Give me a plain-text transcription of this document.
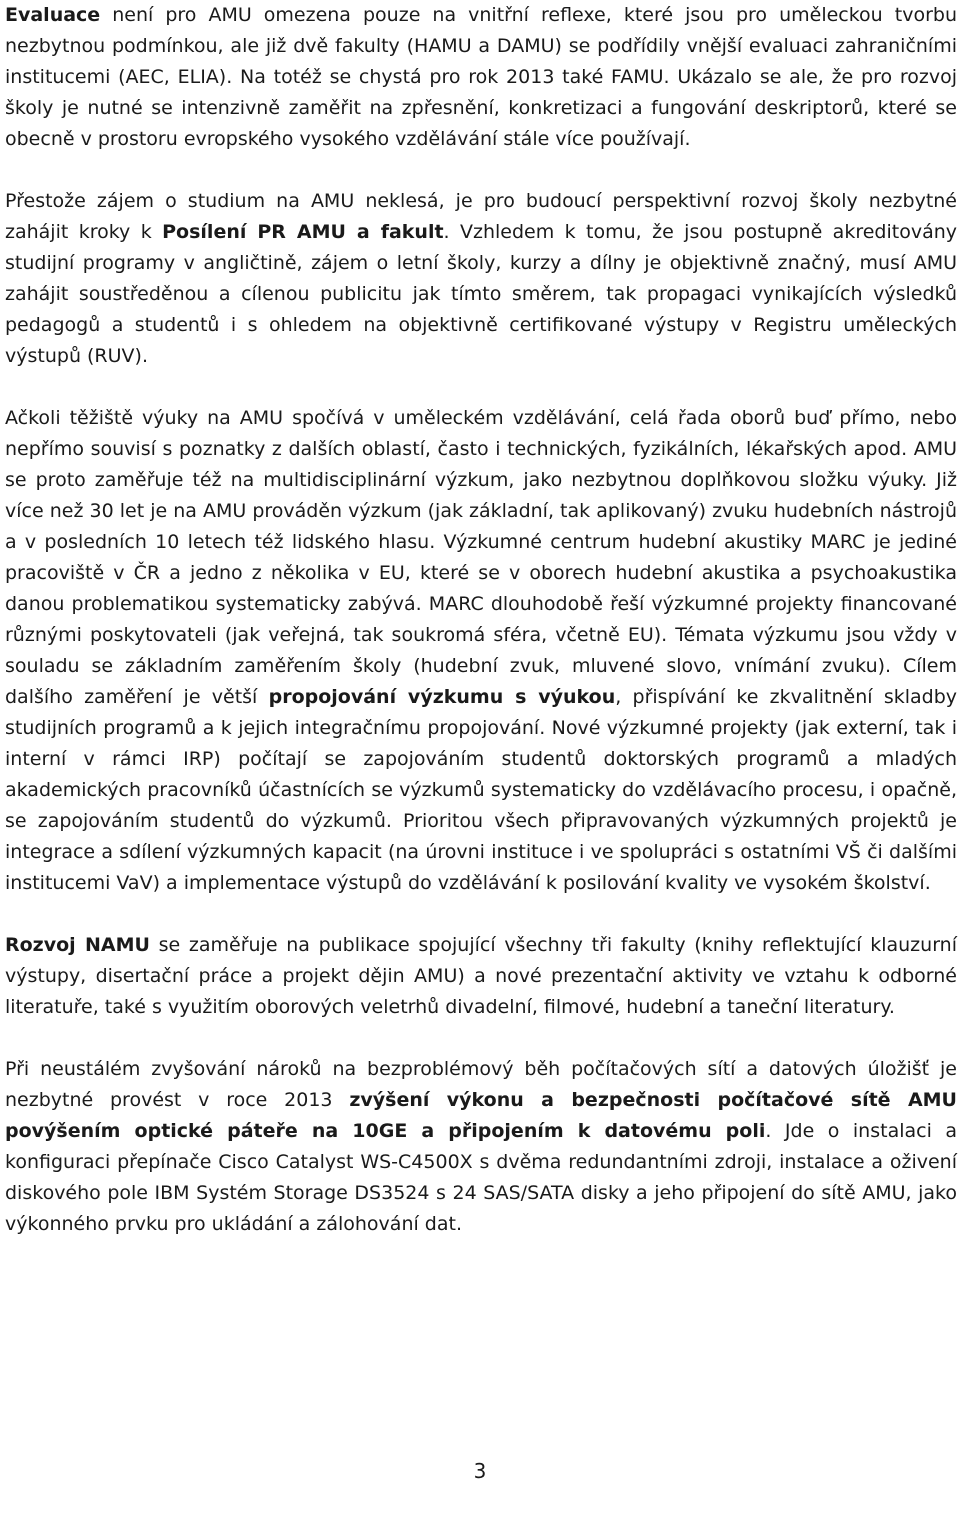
Evaluace není pro AMU omezena pouze na vnitřní reflexe, které jsou pro uměleckou tvorbu nezbytnou podmínkou, ale již dvě fakulty (HAMU a DAMU) se podřídily vnější evaluaci zahraničními institucemi (AEC, ELIA). Na totéž se chystá pro rok 2013 také FAMU. Ukázalo se ale, že pro rozvoj školy je nutné se intenzivně zaměřit na zpřesnění, konkretizaci a fungování deskriptorů, které se obecně v prostoru evropského vysokého vzdělávání stále více používají.

Přestože zájem o studium na AMU neklesá, je pro budoucí perspektivní rozvoj školy nezbytné zahájit kroky k Posílení PR AMU a fakult. Vzhledem k tomu, že jsou postupně akreditovány studijní programy v angličtině, zájem o letní školy, kurzy a dílny je objektivně značný, musí AMU zahájit soustředěnou a cílenou publicitu jak tímto směrem, tak propagaci vynikajících výsledků pedagogů a studentů i s ohledem na objektivně certifikované výstupy v Registru uměleckých výstupů (RUV).

Ačkoli těžiště výuky na AMU spočívá v uměleckém vzdělávání, celá řada oborů buď přímo, nebo nepřímo souvisí s poznatky z dalších oblastí, často i technických, fyzikálních, lékařských apod. AMU se proto zaměřuje též na multidisciplinární výzkum, jako nezbytnou doplňkovou složku výuky. Již více než 30 let je na AMU prováděn výzkum (jak základní, tak aplikovaný) zvuku hudebních nástrojů a v posledních 10 letech též lidského hlasu. Výzkumné centrum hudební akustiky MARC je jediné pracoviště v ČR a jedno z několika v EU, které se v oborech hudební akustika a psychoakustika danou problematikou systematicky zabývá. MARC dlouhodobě řeší výzkumné projekty financované různými poskytovateli (jak veřejná, tak soukromá sféra, včetně EU). Témata výzkumu jsou vždy v souladu se základním zaměřením školy (hudební zvuk, mluvené slovo, vnímání zvuku). Cílem dalšího zaměření je větší propojování výzkumu s výukou, přispívání ke zkvalitnění skladby studijních programů a k jejich integračnímu propojování. Nové výzkumné projekty (jak externí, tak i interní v rámci IRP) počítají se zapojováním studentů doktorských programů a mladých akademických pracovníků účastnících se výzkumů systematicky do vzdělávacího procesu, i opačně, se zapojováním studentů do výzkumů. Prioritou všech připravovaných výzkumných projektů je integrace a sdílení výzkumných kapacit (na úrovni instituce i ve spolupráci s ostatními VŠ či dalšími institucemi VaV) a implementace výstupů do vzdělávání k posilování kvality ve vysokém školství.

Rozvoj NAMU se zaměřuje na publikace spojující všechny tři fakulty (knihy reflektující klauzurní výstupy, disertační práce a projekt dějin AMU) a nové prezentační aktivity ve vztahu k odborné literatuře, také s využitím oborových veletrhů divadelní, filmové, hudební a taneční literatury.

Při neustálém zvyšování nároků na bezproblémový běh počítačových sítí a datových úložišť je nezbytné provést v roce 2013 zvýšení výkonu a bezpečnosti počítačové sítě AMU povýšením optické páteře na 10GE a připojením k datovému poli. Jde o instalaci a konfiguraci přepínače Cisco Catalyst WS-C4500X s dvěma redundantními zdroji, instalace a oživení diskového pole IBM Systém Storage DS3524 s 24 SAS/SATA disky a jeho připojení do sítě AMU, jako výkonného prvku pro ukládání a zálohování dat.

3
